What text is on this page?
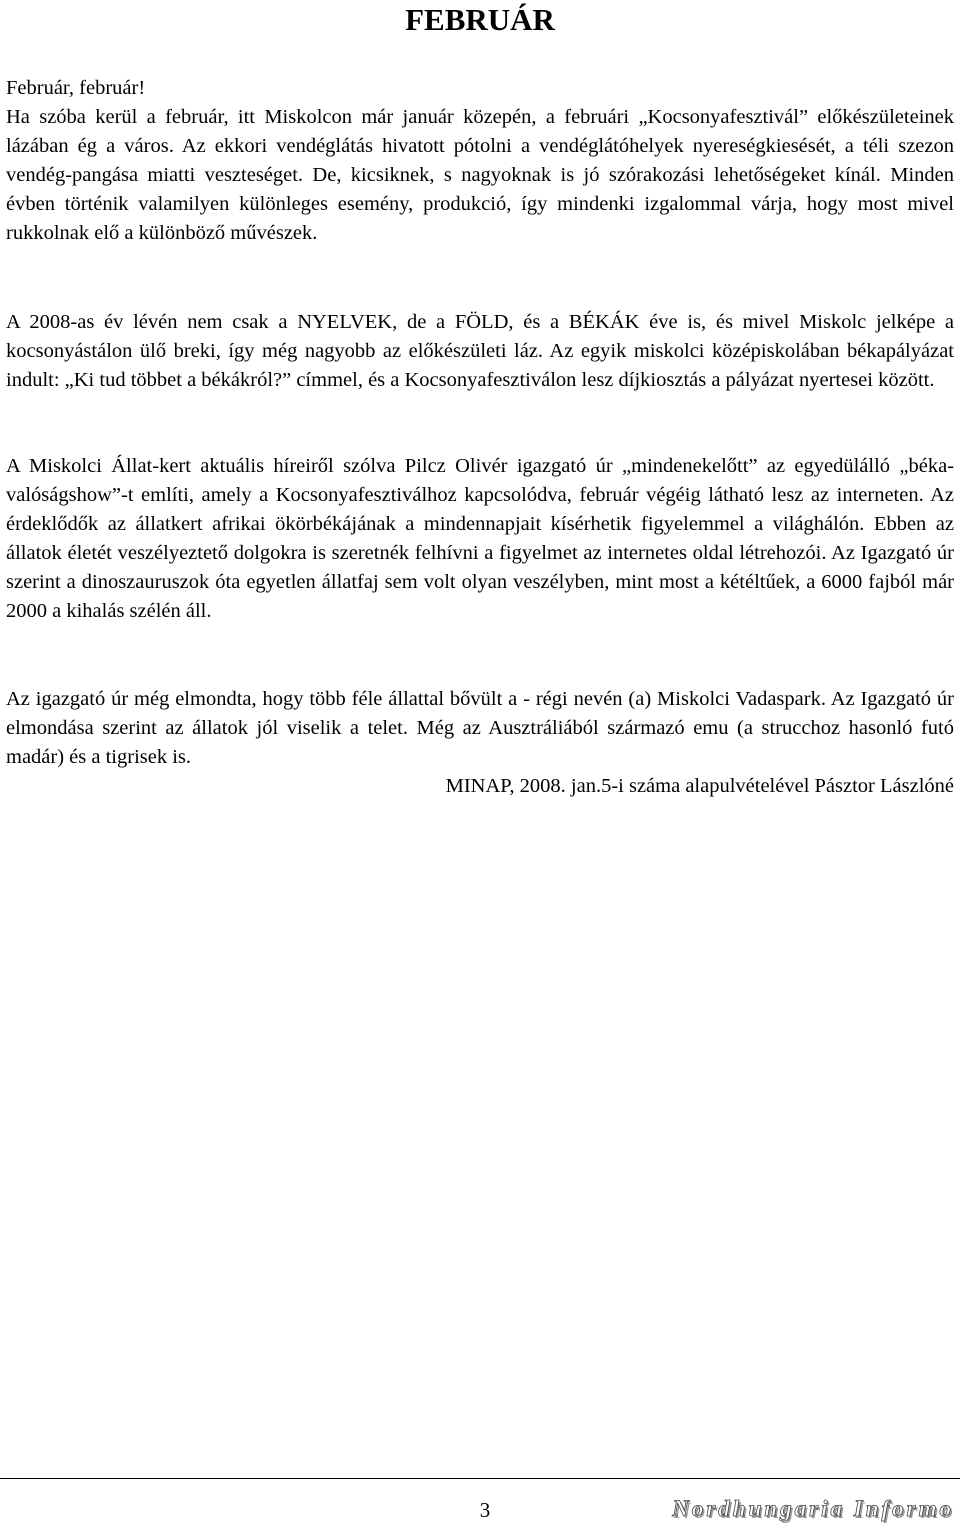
FEBRUÁR

Február, február!

Ha szóba kerül a február, itt Miskolcon már január közepén, a februári „Kocsonyafesztivál” előkészületeinek lázában ég a város. Az ekkori vendéglátás hivatott pótolni a vendéglátóhelyek nyereségkiesését, a téli szezon vendég-pangása miatti veszteséget. De, kicsiknek, s nagyoknak is jó szórakozási lehetőségeket kínál. Minden évben történik valamilyen különleges esemény, produkció, így mindenki izgalommal várja, hogy most mivel rukkolnak elő a különböző művészek.

A 2008-as év lévén nem csak a NYELVEK, de a FÖLD, és a BÉKÁK éve is, és mivel Miskolc jelképe a kocsonyástálon ülő breki, így még nagyobb az előkészületi láz. Az egyik miskolci középiskolában békapályázat indult: „Ki tud többet a békákról?” címmel, és a Kocsonyafesztiválon lesz díjkiosztás a pályázat nyertesei között.

A Miskolci Állat-kert aktuális híreiről szólva Pilcz Olivér igazgató úr „mindenekelőtt” az egyedülálló „béka-valóságshow”-t említi, amely a Kocsonyafesztiválhoz kapcsolódva, február végéig látható lesz az interneten. Az érdeklődők az állatkert afrikai ökörbékájának a mindennapjait kísérhetik figyelemmel a világhálón. Ebben az állatok életét veszélyeztető dolgokra is szeretnék felhívni a figyelmet az internetes oldal létrehozói. Az Igazgató úr szerint a dinoszauruszok óta egyetlen állatfaj sem volt olyan veszélyben, mint most a kétéltűek, a 6000 fajból már 2000 a kihalás szélén áll.

Az igazgató úr még elmondta, hogy több féle állattal bővült a - régi nevén (a) Miskolci Vadaspark. Az Igazgató úr elmondása szerint az állatok jól viselik a telet. Még az Ausztráliából származó emu (a strucchoz hasonló futó madár) és a tigrisek is.

MINAP, 2008. jan.5-i száma alapulvételével Pásztor Lászlóné

3	Nordhungaria Informo
